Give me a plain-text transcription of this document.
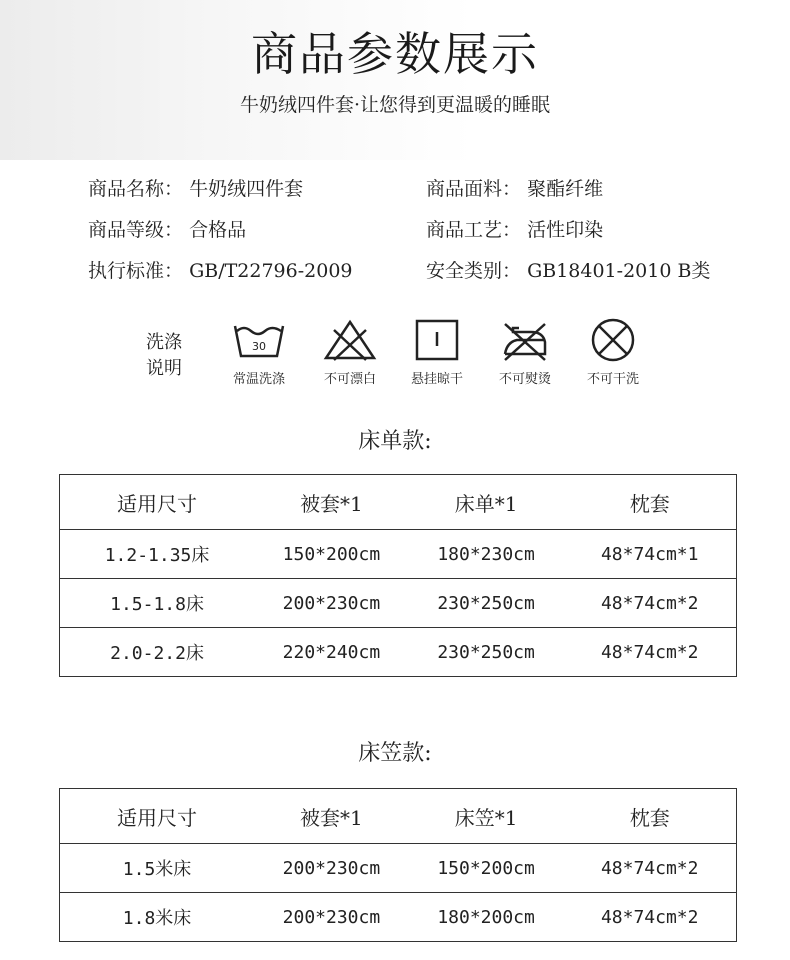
商品参数展示
牛奶绒四件套·让您得到更温暖的睡眠
商品名称： 牛奶绒四件套	商品面料： 聚酯纤维
商品等级： 合格品	商品工艺： 活性印染
执行标准： GB/T22796-2009	安全类别： GB18401-2010 B类
洗涤
说明
30
常温洗涤	不可漂白	悬挂晾干	不可熨烫	不可干洗
床单款:
适用尺寸	被套*1	床单*1	枕套
1.2-1.35床	150*200cm	180*230cm	48*74cm*1
1.5-1.8床	200*230cm	230*250cm	48*74cm*2
2.0-2.2床	220*240cm	230*250cm	48*74cm*2
床笠款:
适用尺寸	被套*1	床笠*1	枕套
1.5米床	200*230cm	150*200cm	48*74cm*2
1.8米床	200*230cm	180*200cm	48*74cm*2
